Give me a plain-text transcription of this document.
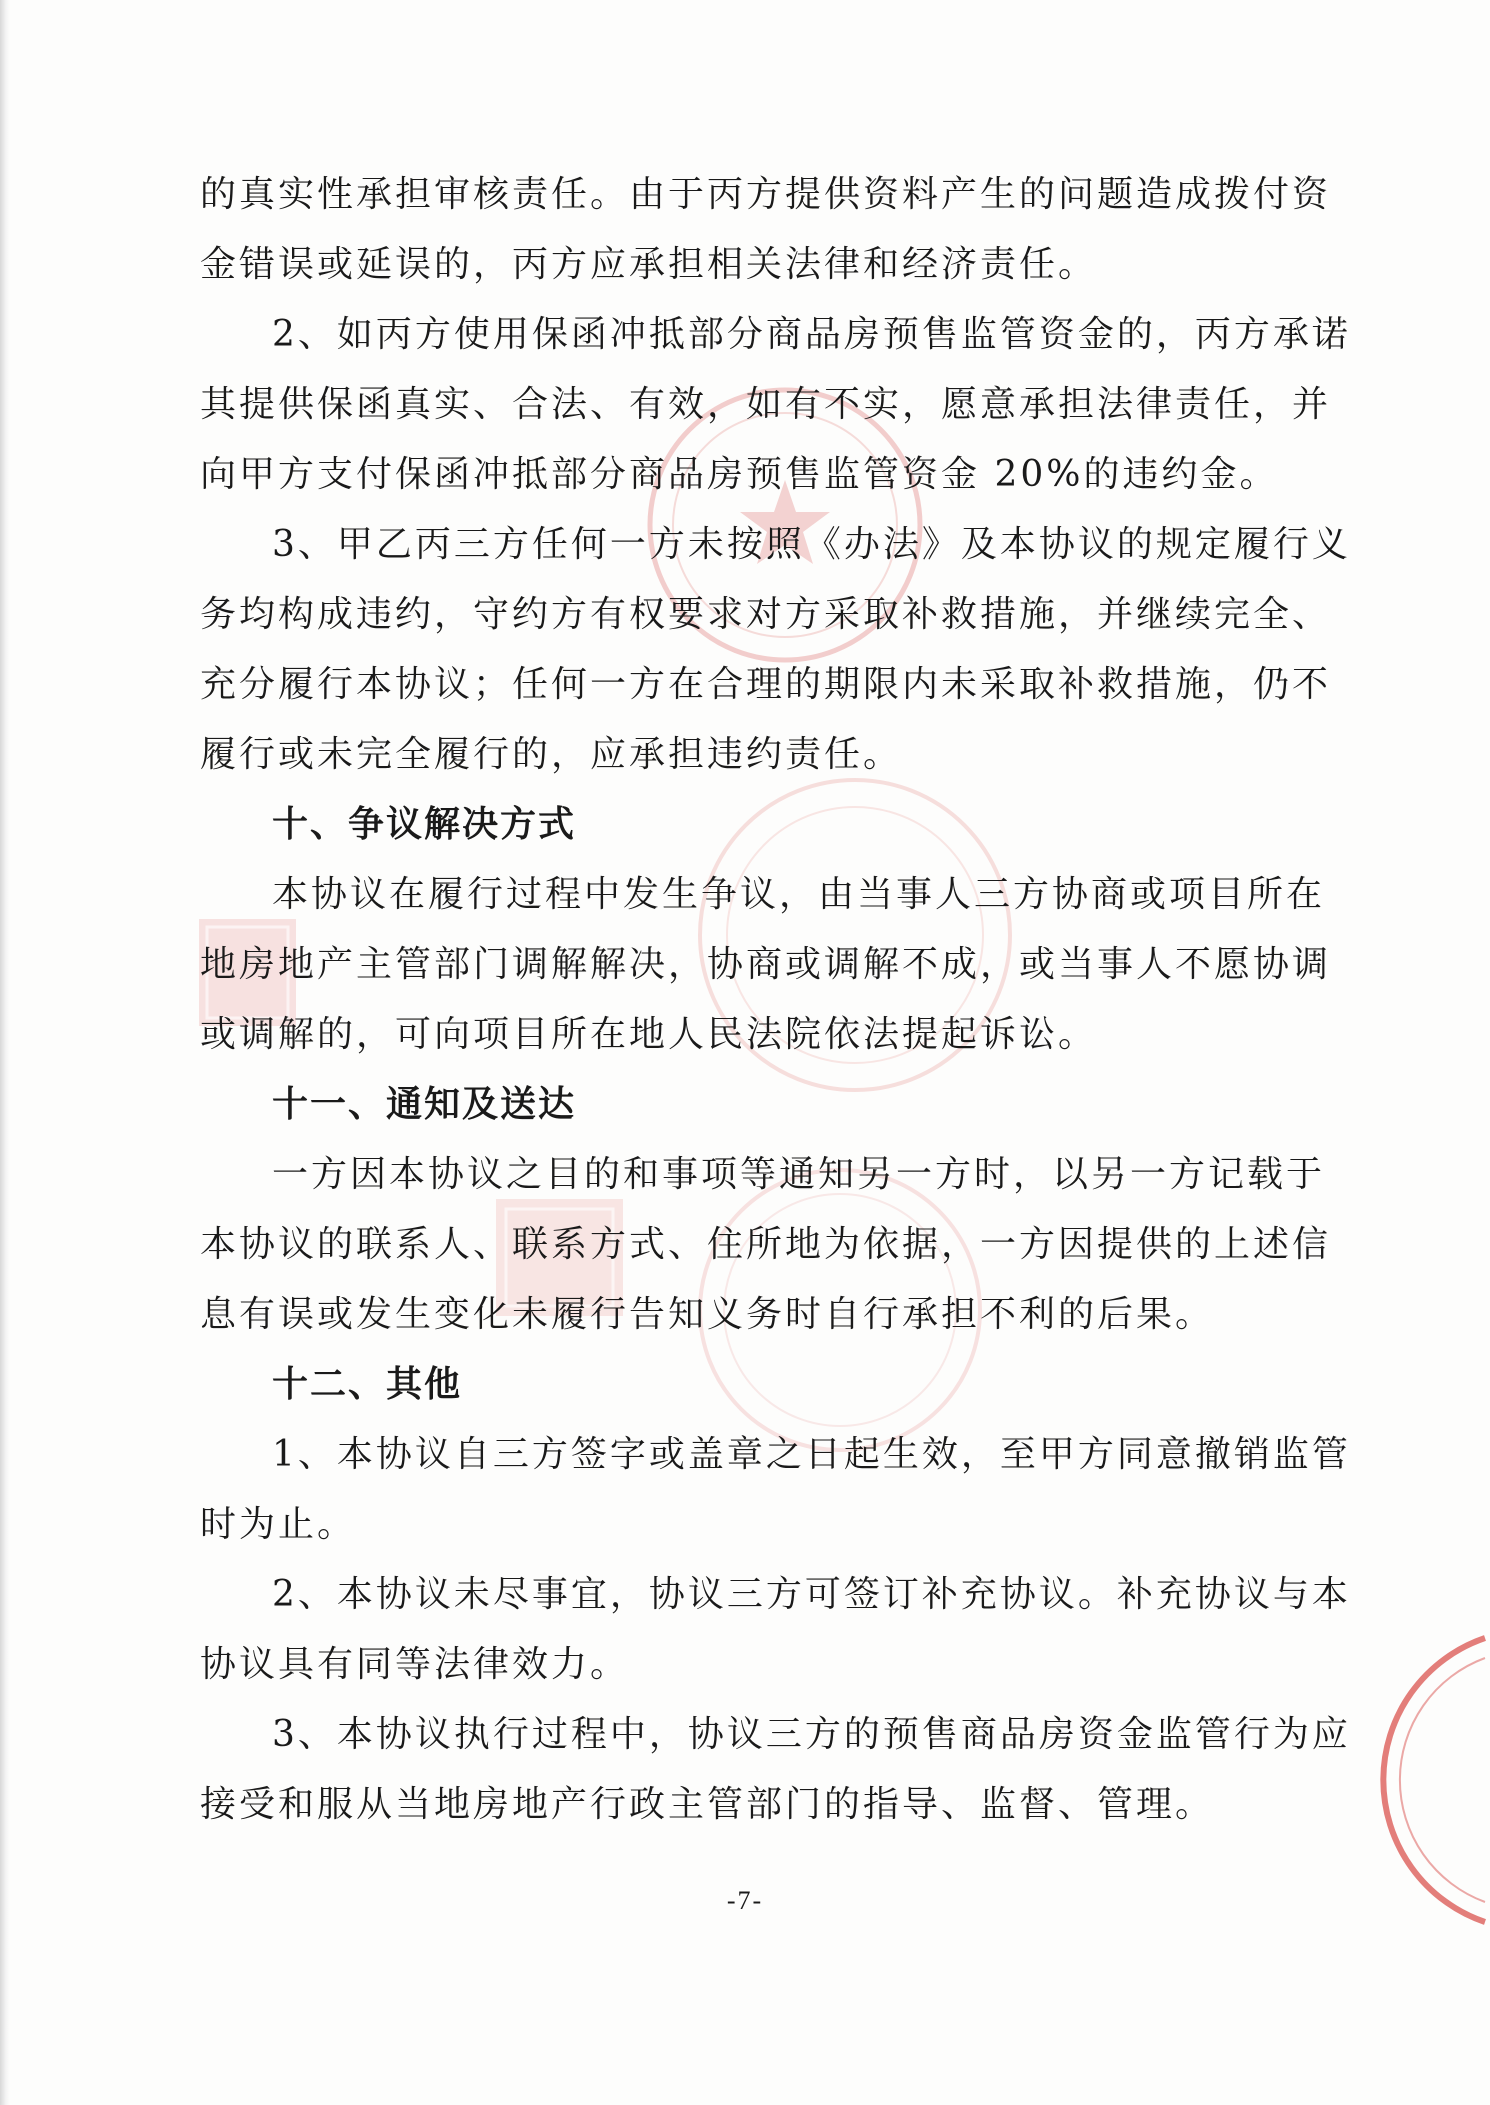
的真实性承担审核责任。由于丙方提供资料产生的问题造成拨付资
金错误或延误的，丙方应承担相关法律和经济责任。
2、如丙方使用保函冲抵部分商品房预售监管资金的，丙方承诺
其提供保函真实、合法、有效，如有不实，愿意承担法律责任，并
向甲方支付保函冲抵部分商品房预售监管资金 20%的违约金。
3、甲乙丙三方任何一方未按照《办法》及本协议的规定履行义
务均构成违约，守约方有权要求对方采取补救措施，并继续完全、
充分履行本协议；任何一方在合理的期限内未采取补救措施，仍不
履行或未完全履行的，应承担违约责任。
十、争议解决方式
本协议在履行过程中发生争议，由当事人三方协商或项目所在
地房地产主管部门调解解决，协商或调解不成，或当事人不愿协调
或调解的，可向项目所在地人民法院依法提起诉讼。
十一、通知及送达
一方因本协议之目的和事项等通知另一方时，以另一方记载于
本协议的联系人、联系方式、住所地为依据，一方因提供的上述信
息有误或发生变化未履行告知义务时自行承担不利的后果。
十二、其他
1、本协议自三方签字或盖章之日起生效，至甲方同意撤销监管
时为止。
2、本协议未尽事宜，协议三方可签订补充协议。补充协议与本
协议具有同等法律效力。
3、本协议执行过程中，协议三方的预售商品房资金监管行为应
接受和服从当地房地产行政主管部门的指导、监督、管理。
-7-
